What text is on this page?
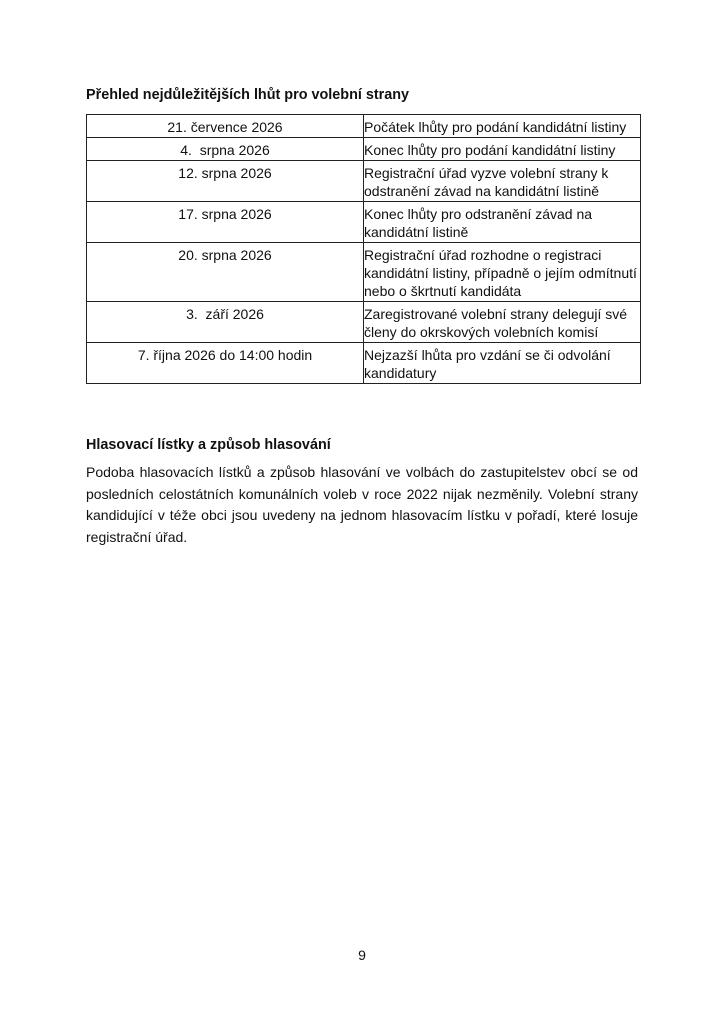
Přehled nejdůležitějších lhůt pro volební strany

21. července 2026	Počátek lhůty pro podání kandidátní listiny
4.  srpna 2026	Konec lhůty pro podání kandidátní listiny
12. srpna 2026	Registrační úřad vyzve volební strany k odstranění závad na kandidátní listině
17. srpna 2026	Konec lhůty pro odstranění závad na kandidátní listině
20. srpna 2026	Registrační úřad rozhodne o registraci kandidátní listiny, případně o jejím odmítnutí nebo o škrtnutí kandidáta
3.  září 2026	Zaregistrované volební strany delegují své členy do okrskových volebních komisí
7. října 2026 do 14:00 hodin	Nejzazší lhůta pro vzdání se či odvolání kandidatury

Hlasovací lístky a způsob hlasování

Podoba hlasovacích lístků a způsob hlasování ve volbách do zastupitelstev obcí se od posledních celostátních komunálních voleb v roce 2022 nijak nezměnily. Volební strany kandidující v téže obci jsou uvedeny na jednom hlasovacím lístku v pořadí, které losuje registrační úřad.

9
